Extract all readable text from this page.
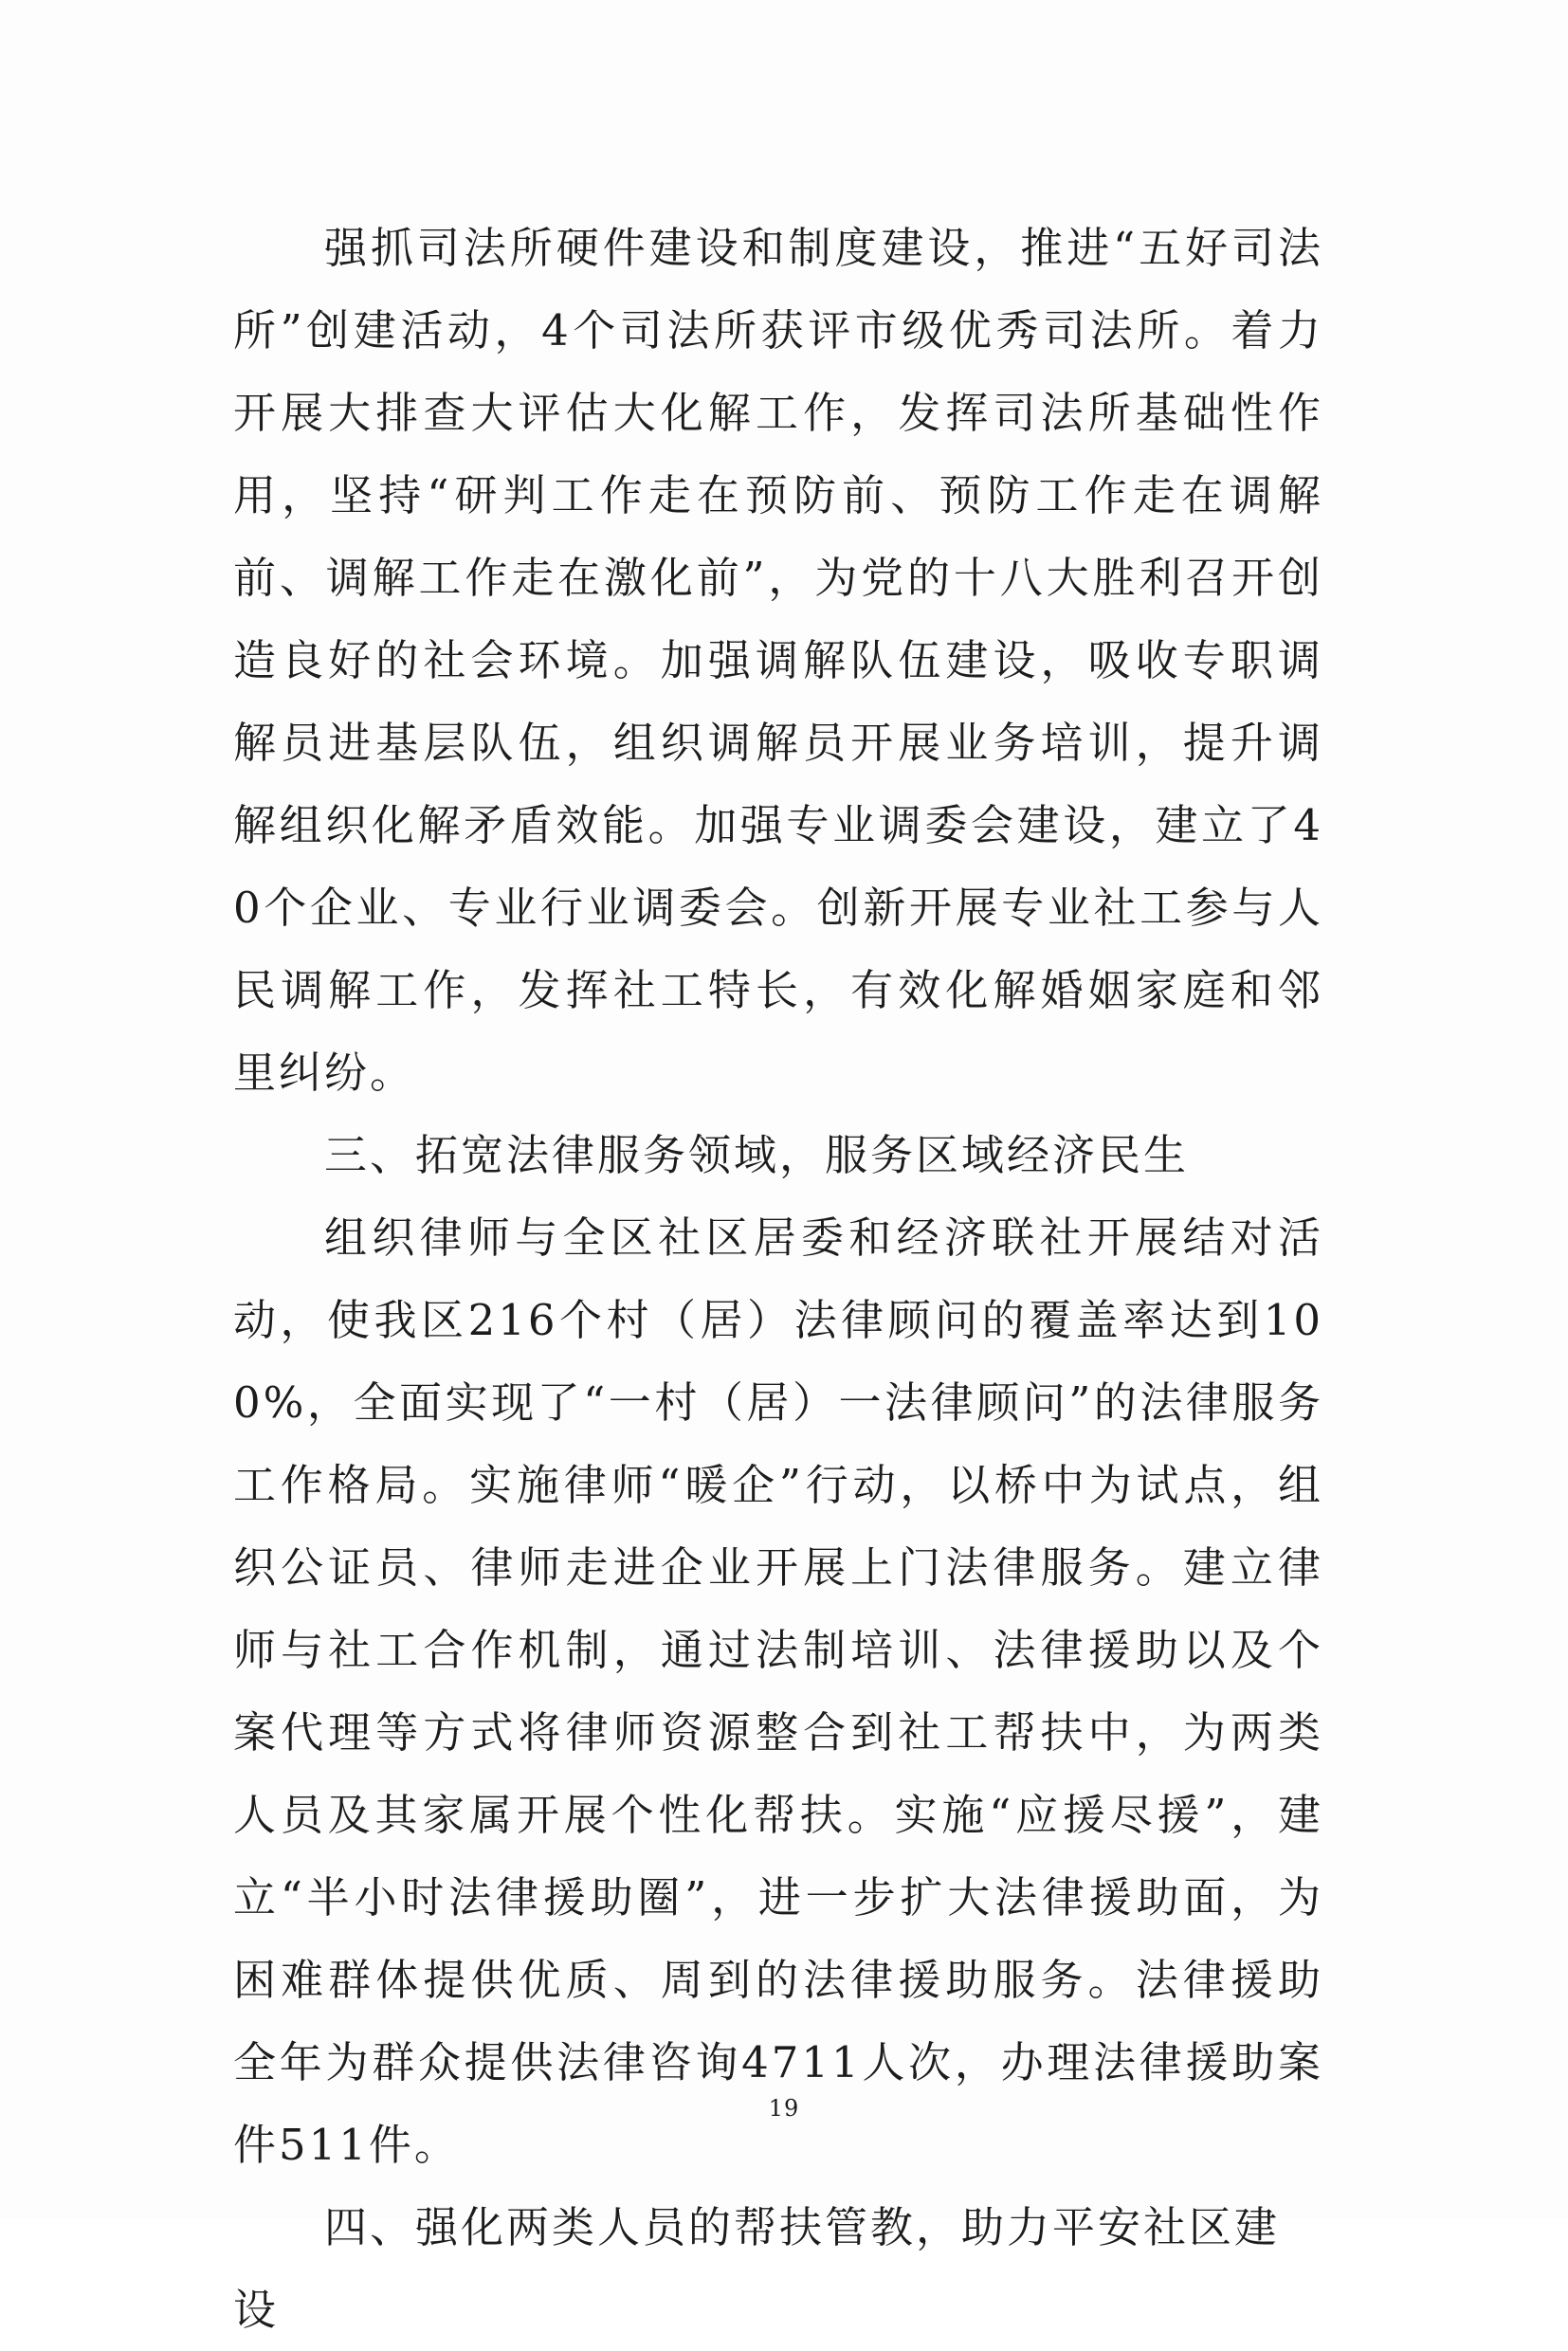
强抓司法所硬件建设和制度建设，推进“五好司法所”创建活动，4个司法所获评市级优秀司法所。着力开展大排查大评估大化解工作，发挥司法所基础性作用，坚持“研判工作走在预防前、预防工作走在调解前、调解工作走在激化前”，为党的十八大胜利召开创造良好的社会环境。加强调解队伍建设，吸收专职调解员进基层队伍，组织调解员开展业务培训，提升调解组织化解矛盾效能。加强专业调委会建设，建立了40个企业、专业行业调委会。创新开展专业社工参与人民调解工作，发挥社工特长，有效化解婚姻家庭和邻里纠纷。

三、拓宽法律服务领域，服务区域经济民生

组织律师与全区社区居委和经济联社开展结对活动，使我区216个村（居）法律顾问的覆盖率达到100%，全面实现了“一村（居）一法律顾问”的法律服务工作格局。实施律师“暖企”行动，以桥中为试点，组织公证员、律师走进企业开展上门法律服务。建立律师与社工合作机制，通过法制培训、法律援助以及个案代理等方式将律师资源整合到社工帮扶中，为两类人员及其家属开展个性化帮扶。实施“应援尽援”，建立“半小时法律援助圈”，进一步扩大法律援助面，为困难群体提供优质、周到的法律援助服务。法律援助全年为群众提供法律咨询4711人次，办理法律援助案件511件。

四、强化两类人员的帮扶管教，助力平安社区建设

19
